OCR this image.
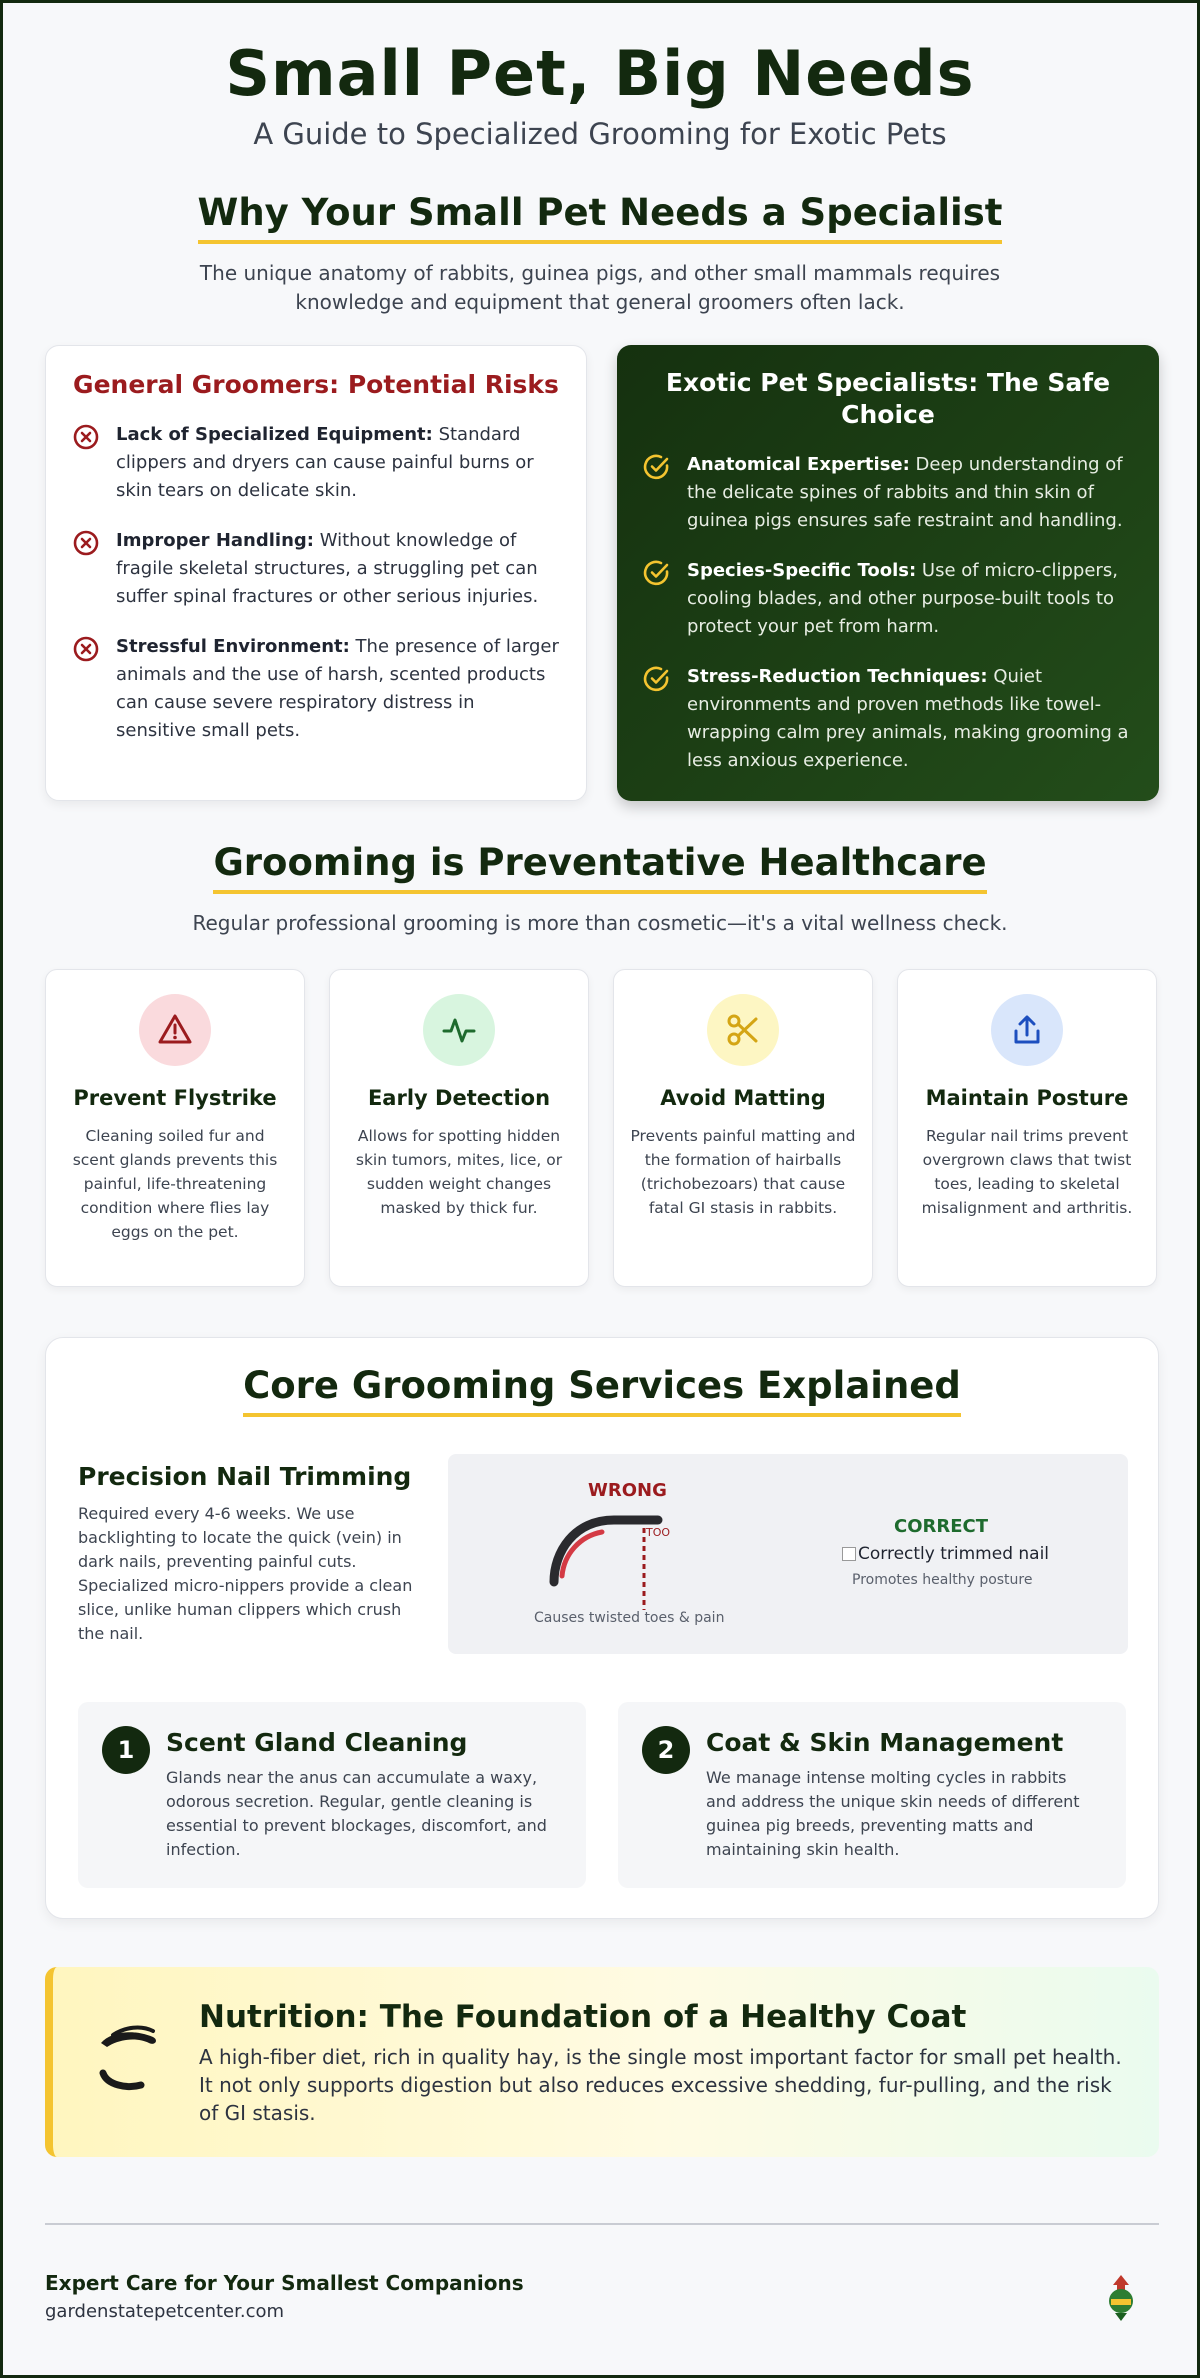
Small Pet, Big Needs
A Guide to Specialized Grooming for Exotic Pets
Why Your Small Pet Needs a Specialist
The unique anatomy of rabbits, guinea pigs, and other small mammals requires knowledge and equipment that general groomers often lack.
General Groomers: Potential Risks
Lack of Specialized Equipment: Standard clippers and dryers can cause painful burns or skin tears on delicate skin.
Improper Handling: Without knowledge of fragile skeletal structures, a struggling pet can suffer spinal fractures or other serious injuries.
Stressful Environment: The presence of larger animals and the use of harsh, scented products can cause severe respiratory distress in sensitive small pets.
Exotic Pet Specialists: The Safe Choice
Anatomical Expertise: Deep understanding of the delicate spines of rabbits and thin skin of guinea pigs ensures safe restraint and handling.
Species-Specific Tools: Use of micro-clippers, cooling blades, and other purpose-built tools to protect your pet from harm.
Stress-Reduction Techniques: Quiet environments and proven methods like towel-wrapping calm prey animals, making grooming a less anxious experience.
Grooming is Preventative Healthcare
Regular professional grooming is more than cosmetic—it's a vital wellness check.
Prevent Flystrike
Cleaning soiled fur and scent glands prevents this painful, life-threatening condition where flies lay eggs on the pet.
Early Detection
Allows for spotting hidden skin tumors, mites, lice, or sudden weight changes masked by thick fur.
Avoid Matting
Prevents painful matting and the formation of hairballs (trichobezoars) that cause fatal GI stasis in rabbits.
Maintain Posture
Regular nail trims prevent overgrown claws that twist toes, leading to skeletal misalignment and arthritis.
Core Grooming Services Explained
Precision Nail Trimming
Required every 4-6 weeks. We use backlighting to locate the quick (vein) in dark nails, preventing painful cuts. Specialized micro-nippers provide a clean slice, unlike human clippers which crush the nail.
WRONG
TOO
Causes twisted toes & pain
CORRECT
Correctly trimmed nail
Promotes healthy posture
1	Scent Gland Cleaning
Glands near the anus can accumulate a waxy, odorous secretion. Regular, gentle cleaning is essential to prevent blockages, discomfort, and infection.
2	Coat & Skin Management
We manage intense molting cycles in rabbits and address the unique skin needs of different guinea pig breeds, preventing matts and maintaining skin health.
Nutrition: The Foundation of a Healthy Coat
A high-fiber diet, rich in quality hay, is the single most important factor for small pet health. It not only supports digestion but also reduces excessive shedding, fur-pulling, and the risk of GI stasis.
Expert Care for Your Smallest Companions
gardenstatepetcenter.com
